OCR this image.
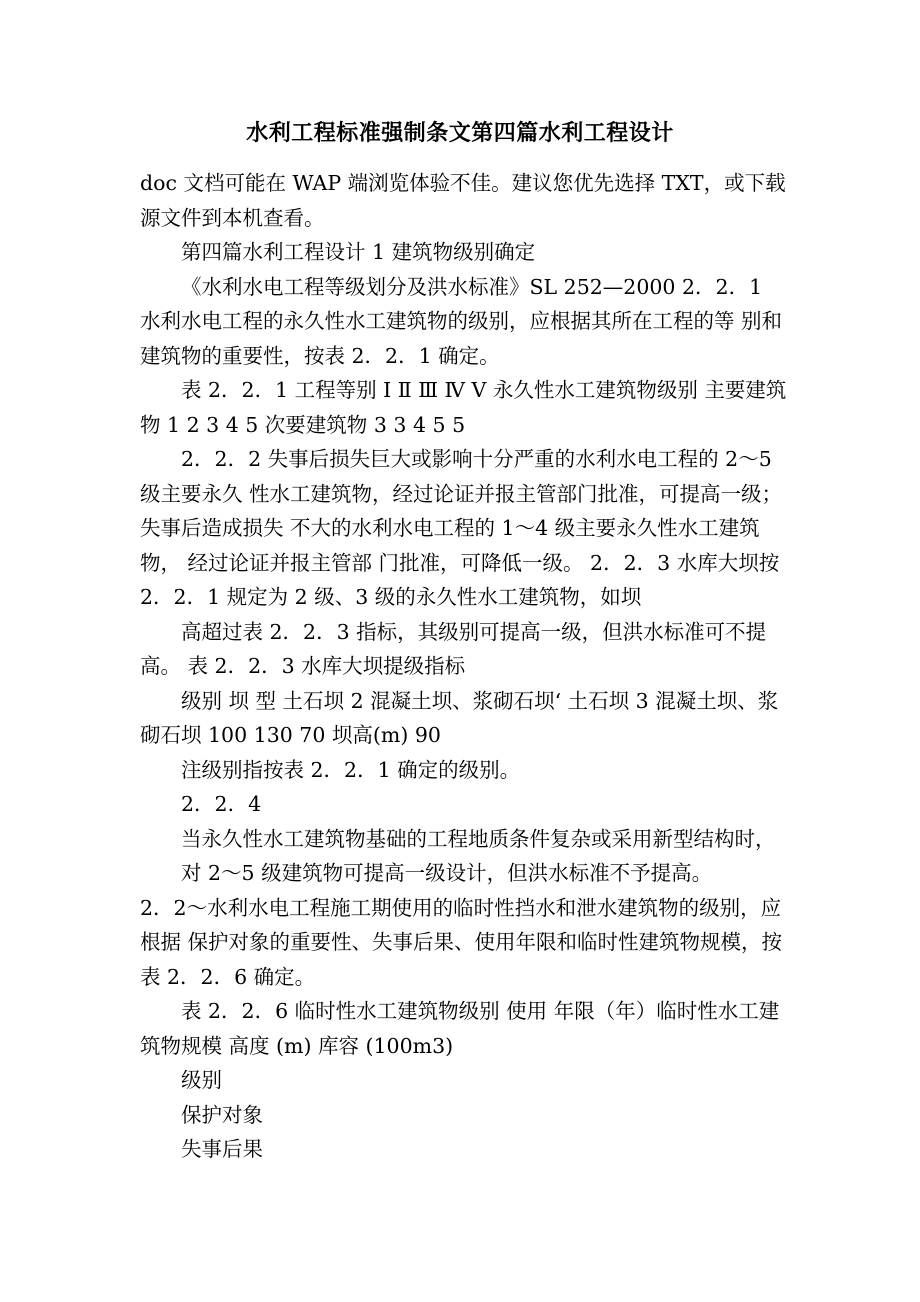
水利工程标准强制条文第四篇水利工程设计

doc 文档可能在 WAP 端浏览体验不佳。建议您优先选择 TXT，或下载源文件到本机查看。

第四篇水利工程设计 1 建筑物级别确定

《水利水电工程等级划分及洪水标准》SL 252—2000 2．2．1 水利水电工程的永久性水工建筑物的级别，应根据其所在工程的等 别和建筑物的重要性，按表 2．2．1 确定。

表 2．2．1 工程等别 Ⅰ Ⅱ Ⅲ Ⅳ Ⅴ 永久性水工建筑物级别 主要建筑物 1 2 3 4 5 次要建筑物 3 3 4 5 5

2．2．2 失事后损失巨大或影响十分严重的水利水电工程的 2～5 级主要永久 性水工建筑物，经过论证并报主管部门批准，可提高一级；失事后造成损失 不大的水利水电工程的 1～4 级主要永久性水工建筑物， 经过论证并报主管部 门批准，可降低一级。 2．2．3 水库大坝按 2．2．1 规定为 2 级、3 级的永久性水工建筑物，如坝

高超过表 2．2．3 指标，其级别可提高一级，但洪水标准可不提高。 表 2．2．3 水库大坝提级指标

级别 坝 型 土石坝 2 混凝土坝、浆砌石坝‘ 土石坝 3 混凝土坝、浆砌石坝 100 130 70 坝高(m) 90

注级别指按表 2．2．1 确定的级别。

2．2．4

当永久性水工建筑物基础的工程地质条件复杂或采用新型结构时，

对 2～5 级建筑物可提高一级设计，但洪水标准不予提高。

2．2～水利水电工程施工期使用的临时性挡水和泄水建筑物的级别，应根据 保护对象的重要性、失事后果、使用年限和临时性建筑物规模，按表 2．2．6 确定。

表 2．2．6 临时性水工建筑物级别 使用 年限（年）临时性水工建筑物规模 高度 (m) 库容 (100m3)

级别

保护对象

失事后果
